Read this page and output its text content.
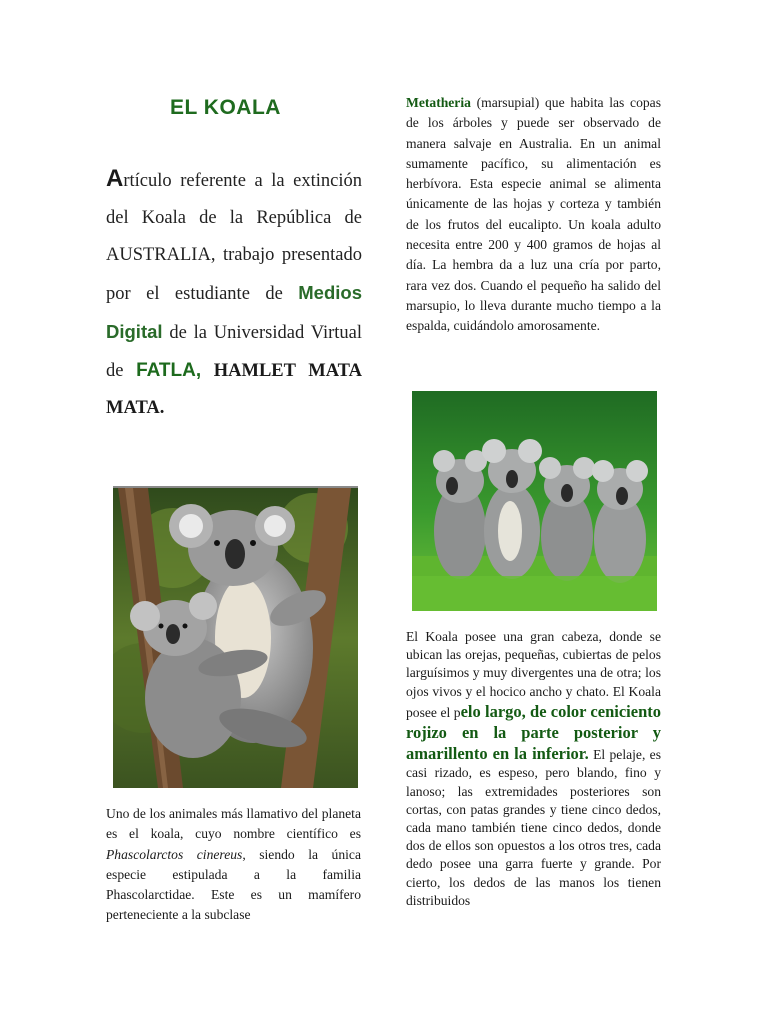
EL KOALA
Artículo referente a la extinción del Koala de la República de AUSTRALIA, trabajo presentado por el estudiante de Medios Digital de la Universidad Virtual de FATLA, HAMLET MATA MATA.
Uno de los animales más llamativo del planeta es el koala, cuyo nombre científico es Phascolarctos cinereus, siendo la única especie estipulada a la familia Phascolarctidae. Este es un mamífero perteneciente a la subclase
Metatheria (marsupial) que habita las copas de los árboles y puede ser observado de manera salvaje en Australia. En un animal sumamente pacífico, su alimentación es herbívora. Esta especie animal se alimenta únicamente de las hojas y corteza y también de los frutos del eucalipto. Un koala adulto necesita entre 200 y 400 gramos de hojas al día. La hembra da a luz una cría por parto, rara vez dos. Cuando el pequeño ha salido del marsupio, lo lleva durante mucho tiempo a la espalda, cuidándolo amorosamente.
El Koala posee una gran cabeza, donde se ubican las orejas, pequeñas, cubiertas de pelos larguísimos y muy divergentes una de otra; los ojos vivos y el hocico ancho y chato. El Koala posee el pelo largo, de color ceniciento rojizo en la parte posterior y amarillento en la inferior. El pelaje, es casi rizado, es espeso, pero blando, fino y lanoso; las extremidades posteriores son cortas, con patas grandes y tiene cinco dedos, cada mano también tiene cinco dedos, donde dos de ellos son opuestos a los otros tres, cada dedo posee una garra fuerte y grande. Por cierto, los dedos de las manos los tienen distribuidos
